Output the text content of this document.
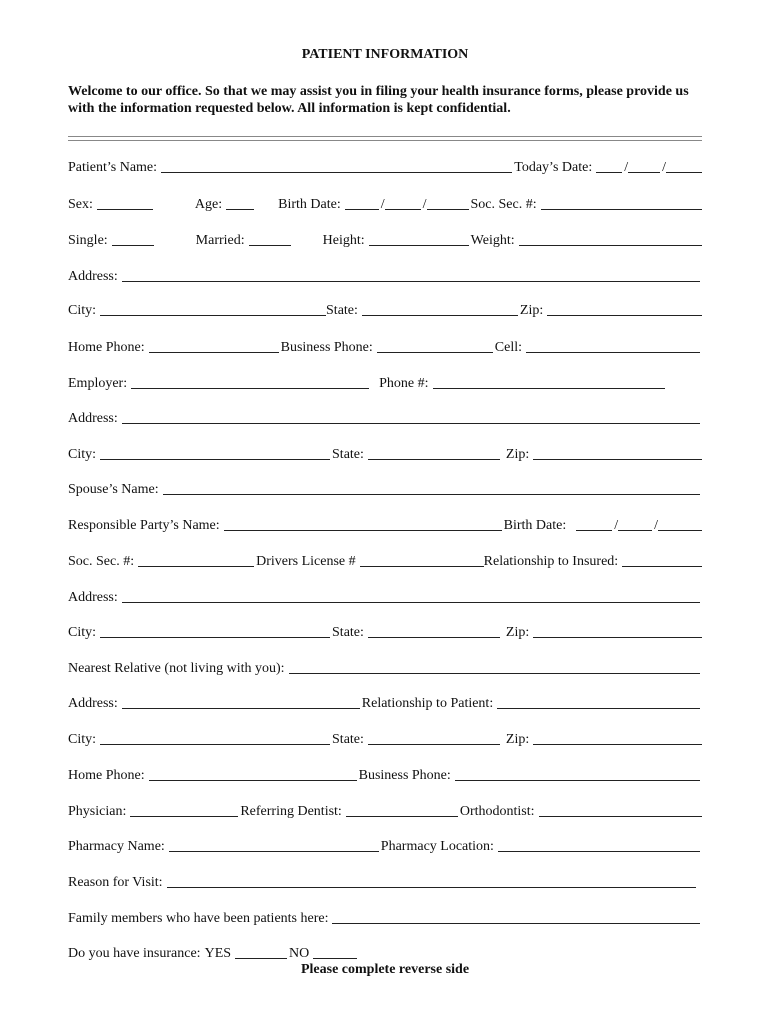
PATIENT INFORMATION
Welcome to our office. So that we may assist you in filing your health insurance forms, please provide us with the information requested below. All information is kept confidential.
Patient’s Name:	Today’s Date: / /
Sex:	Age:	Birth Date:	/	/	Soc. Sec. #:
Single:	Married:	Height:	Weight:
Address:
City:	State:	Zip:
Home Phone:	Business Phone:	Cell:
Employer:	Phone #:
Address:
City:	State:	Zip:
Spouse’s Name:
Responsible Party’s Name:	Birth Date:	/	/
Soc. Sec. #:	Drivers License #	Relationship to Insured:
Address:
City:	State:	Zip:
Nearest Relative (not living with you):
Address:	Relationship to Patient:
City:	State:	Zip:
Home Phone:	Business Phone:
Physician:	Referring Dentist:	Orthodontist:
Pharmacy Name:	Pharmacy Location:
Reason for Visit:
Family members who have been patients here:
Do you have insurance: YES	NO
Please complete reverse side
